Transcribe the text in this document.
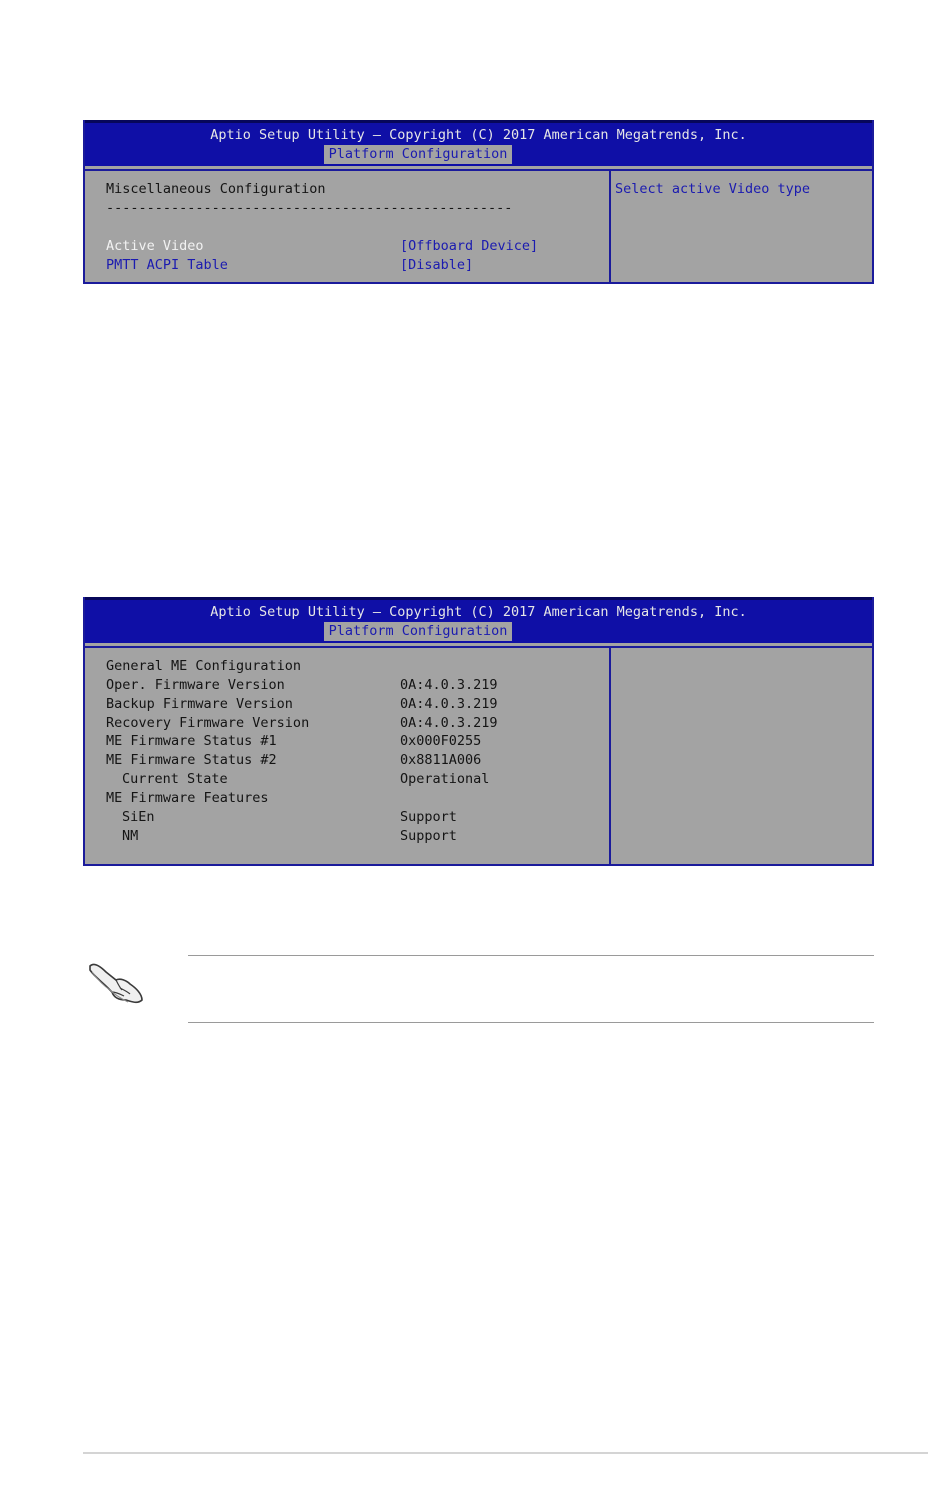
Aptio Setup Utility – Copyright (C) 2017 American Megatrends, Inc.
Platform Configuration
Miscellaneous Configuration
--------------------------------------------------
Active Video	[Offboard Device]
PMTT ACPI Table	[Disable]
Select active Video type
Aptio Setup Utility – Copyright (C) 2017 American Megatrends, Inc.
Platform Configuration
General ME Configuration
Oper. Firmware Version	0A:4.0.3.219
Backup Firmware Version	0A:4.0.3.219
Recovery Firmware Version	0A:4.0.3.219
ME Firmware Status #1	0x000F0255
ME Firmware Status #2	0x8811A006
Current State	Operational
ME Firmware Features
SiEn	Support
NM	Support
